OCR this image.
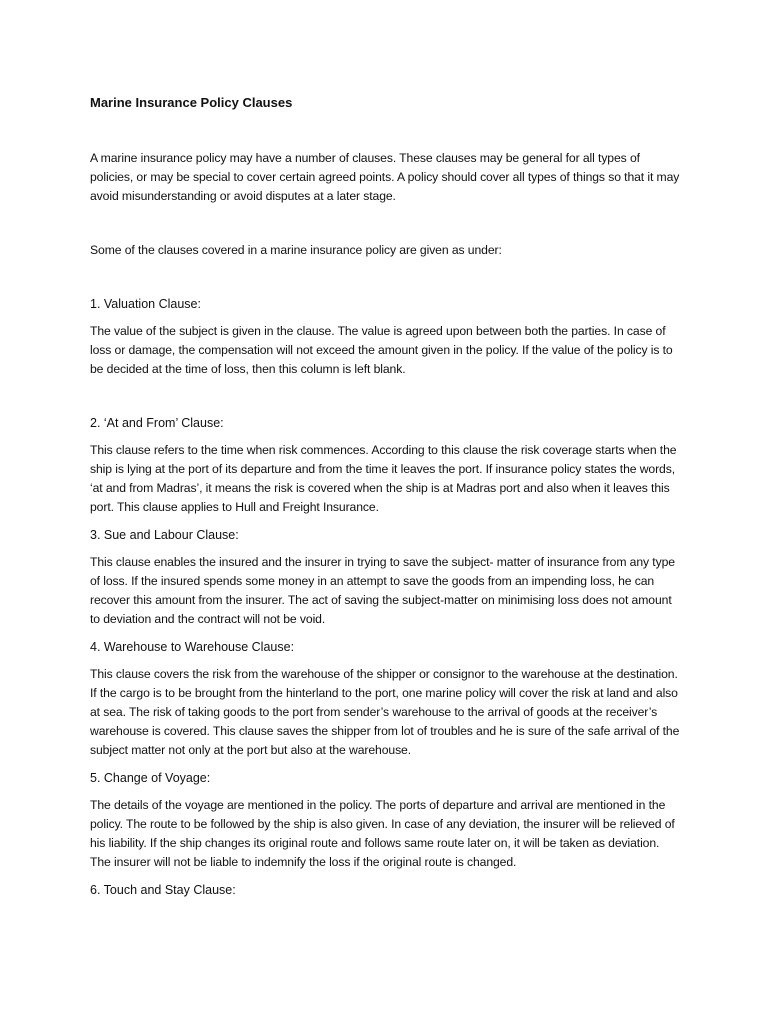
Marine Insurance Policy Clauses

A marine insurance policy may have a number of clauses. These clauses may be general for all types of policies, or may be special to cover certain agreed points. A policy should cover all types of things so that it may avoid misunderstanding or avoid disputes at a later stage.

Some of the clauses covered in a marine insurance policy are given as under:

1. Valuation Clause:

The value of the subject is given in the clause. The value is agreed upon between both the parties. In case of loss or damage, the compensation will not exceed the amount given in the policy. If the value of the policy is to be decided at the time of loss, then this column is left blank.

2. ‘At and From’ Clause:

This clause refers to the time when risk commences. According to this clause the risk coverage starts when the ship is lying at the port of its departure and from the time it leaves the port. If insurance policy states the words, ‘at and from Madras’, it means the risk is covered when the ship is at Madras port and also when it leaves this port. This clause applies to Hull and Freight Insurance.

3. Sue and Labour Clause:

This clause enables the insured and the insurer in trying to save the subject- matter of insurance from any type of loss. If the insured spends some money in an attempt to save the goods from an impending loss, he can recover this amount from the insurer. The act of saving the subject-matter on minimising loss does not amount to deviation and the contract will not be void.

4. Warehouse to Warehouse Clause:

This clause covers the risk from the warehouse of the shipper or consignor to the warehouse at the destination. If the cargo is to be brought from the hinterland to the port, one marine policy will cover the risk at land and also at sea. The risk of taking goods to the port from sender’s warehouse to the arrival of goods at the receiver’s warehouse is covered. This clause saves the shipper from lot of troubles and he is sure of the safe arrival of the subject matter not only at the port but also at the warehouse.

5. Change of Voyage:

The details of the voyage are mentioned in the policy. The ports of departure and arrival are mentioned in the policy. The route to be followed by the ship is also given. In case of any deviation, the insurer will be relieved of his liability. If the ship changes its original route and follows same route later on, it will be taken as deviation. The insurer will not be liable to indemnify the loss if the original route is changed.

6. Touch and Stay Clause:
